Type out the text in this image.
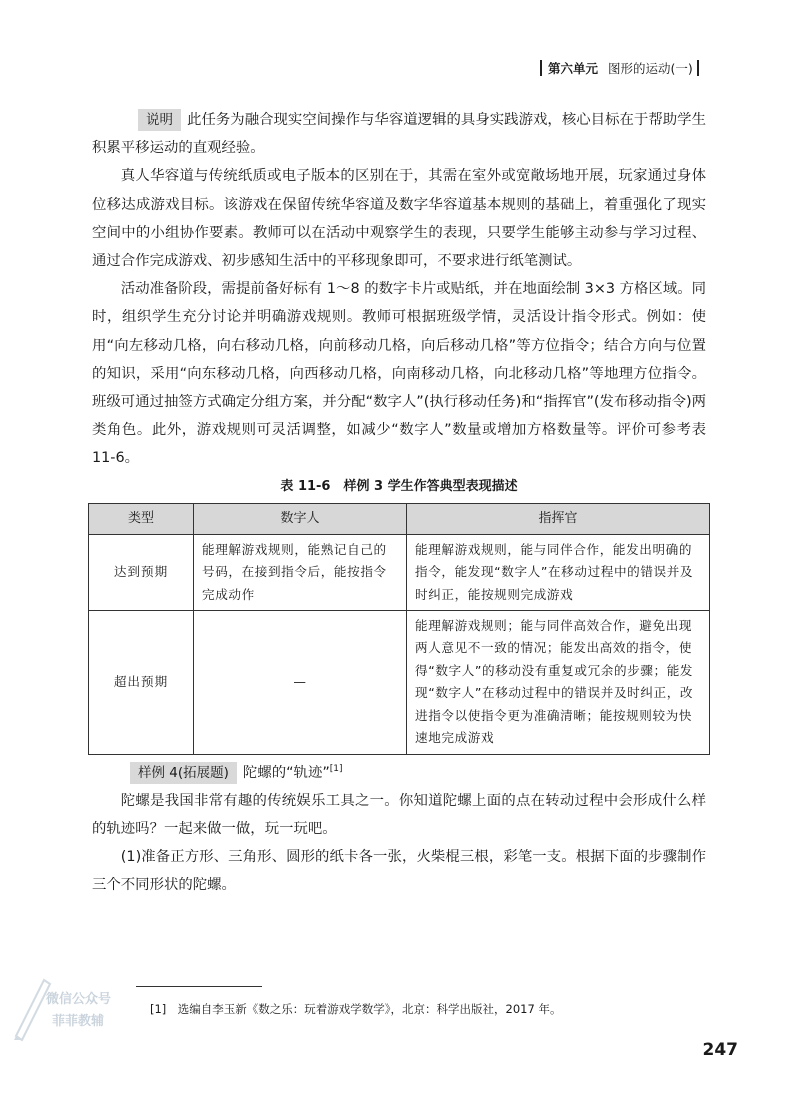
第六单元 图形的运动(一)

说明 此任务为融合现实空间操作与华容道逻辑的具身实践游戏，核心目标在于帮助学生积累平移运动的直观经验。

真人华容道与传统纸质或电子版本的区别在于，其需在室外或宽敞场地开展，玩家通过身体位移达成游戏目标。该游戏在保留传统华容道及数字华容道基本规则的基础上，着重强化了现实空间中的小组协作要素。教师可以在活动中观察学生的表现，只要学生能够主动参与学习过程、通过合作完成游戏、初步感知生活中的平移现象即可，不要求进行纸笔测试。

活动准备阶段，需提前备好标有 1～8 的数字卡片或贴纸，并在地面绘制 3×3 方格区域。同时，组织学生充分讨论并明确游戏规则。教师可根据班级学情，灵活设计指令形式。例如：使用“向左移动几格，向右移动几格，向前移动几格，向后移动几格”等方位指令；结合方向与位置的知识，采用“向东移动几格，向西移动几格，向南移动几格，向北移动几格”等地理方位指令。班级可通过抽签方式确定分组方案，并分配“数字人”(执行移动任务)和“指挥官”(发布移动指令)两类角色。此外，游戏规则可灵活调整，如减少“数字人”数量或增加方格数量等。评价可参考表 11-6。

表 11-6　样例 3 学生作答典型表现描述
类型	数字人	指挥官
达到预期	能理解游戏规则，能熟记自己的号码，在接到指令后，能按指令完成动作	能理解游戏规则，能与同伴合作，能发出明确的指令，能发现“数字人”在移动过程中的错误并及时纠正，能按规则完成游戏
超出预期	—	能理解游戏规则；能与同伴高效合作，避免出现两人意见不一致的情况；能发出高效的指令，使得“数字人”的移动没有重复或冗余的步骤；能发现“数字人”在移动过程中的错误并及时纠正，改进指令以使指令更为准确清晰；能按规则较为快速地完成游戏

样例 4(拓展题) 陀螺的“轨迹”[1]

陀螺是我国非常有趣的传统娱乐工具之一。你知道陀螺上面的点在转动过程中会形成什么样的轨迹吗？一起来做一做，玩一玩吧。

(1)准备正方形、三角形、圆形的纸卡各一张，火柴棍三根，彩笔一支。根据下面的步骤制作三个不同形状的陀螺。

微信公众号
菲菲教辅
[1]　选编自李玉新《数之乐：玩着游戏学数学》，北京：科学出版社，2017 年。
247
